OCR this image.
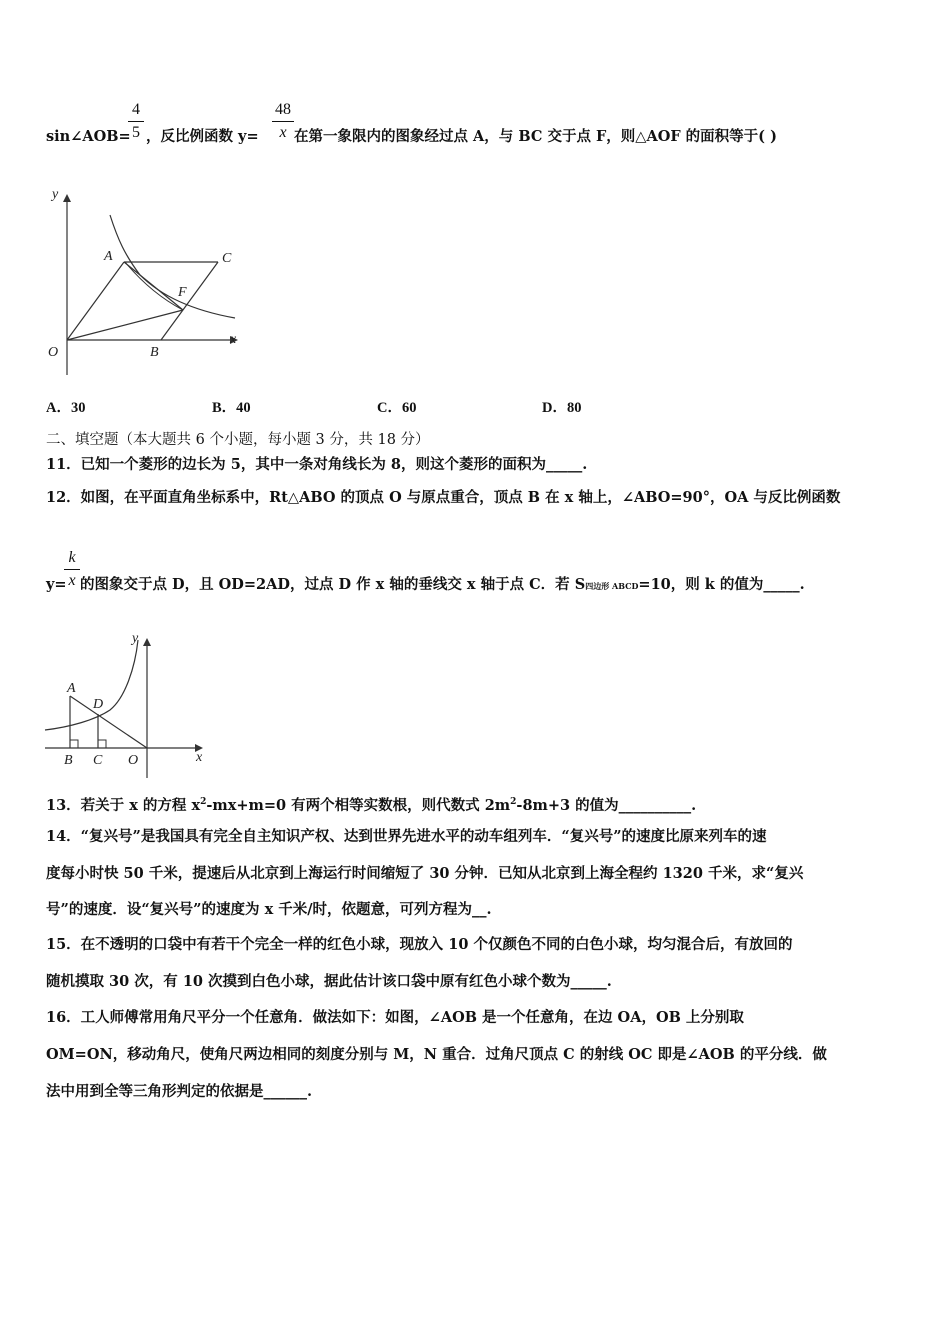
4
5
48
x
sin∠AOB= ，反比例函数 y= 在第一象限内的图象经过点 A，与 BC 交于点 F，则△AOF 的面积等于( )
y
x
A	C
F
O	B
A．30	B．40	C．60	D．80
二、填空题（本大题共 6 个小题，每小题 3 分，共 18 分）
11．已知一个菱形的边长为 5，其中一条对角线长为 8，则这个菱形的面积为_____.
12．如图，在平面直角坐标系中，Rt△ABO 的顶点 O 与原点重合，顶点 B 在 x 轴上，∠ABO=90°，OA 与反比例函数
k
x
y= 的图象交于点 D，且 OD=2AD，过点 D 作 x 轴的垂线交 x 轴于点 C．若 S四边形 ABCD=10，则 k 的值为_____.
y
x
A
D
B C O
13．若关于 x 的方程 $x^2-mx+m=0$ 有两个相等实数根，则代数式 $2m^2-8m+3$ 的值为__________.
14．“复兴号”是我国具有完全自主知识产权、达到世界先进水平的动车组列车．“复兴号”的速度比原来列车的速
度每小时快 50 千米，提速后从北京到上海运行时间缩短了 30 分钟．已知从北京到上海全程约 1320 千米，求“复兴
号”的速度．设“复兴号”的速度为 x 千米/时，依题意，可列方程为__.
15．在不透明的口袋中有若干个完全一样的红色小球，现放入 10 个仅颜色不同的白色小球，均匀混合后，有放回的
随机摸取 30 次，有 10 次摸到白色小球，据此估计该口袋中原有红色小球个数为_____.
16．工人师傅常用角尺平分一个任意角．做法如下：如图，∠AOB 是一个任意角，在边 OA，OB 上分别取
OM=ON，移动角尺，使角尺两边相同的刻度分别与 M，N 重合．过角尺顶点 C 的射线 OC 即是∠AOB 的平分线．做
法中用到全等三角形判定的依据是______.
